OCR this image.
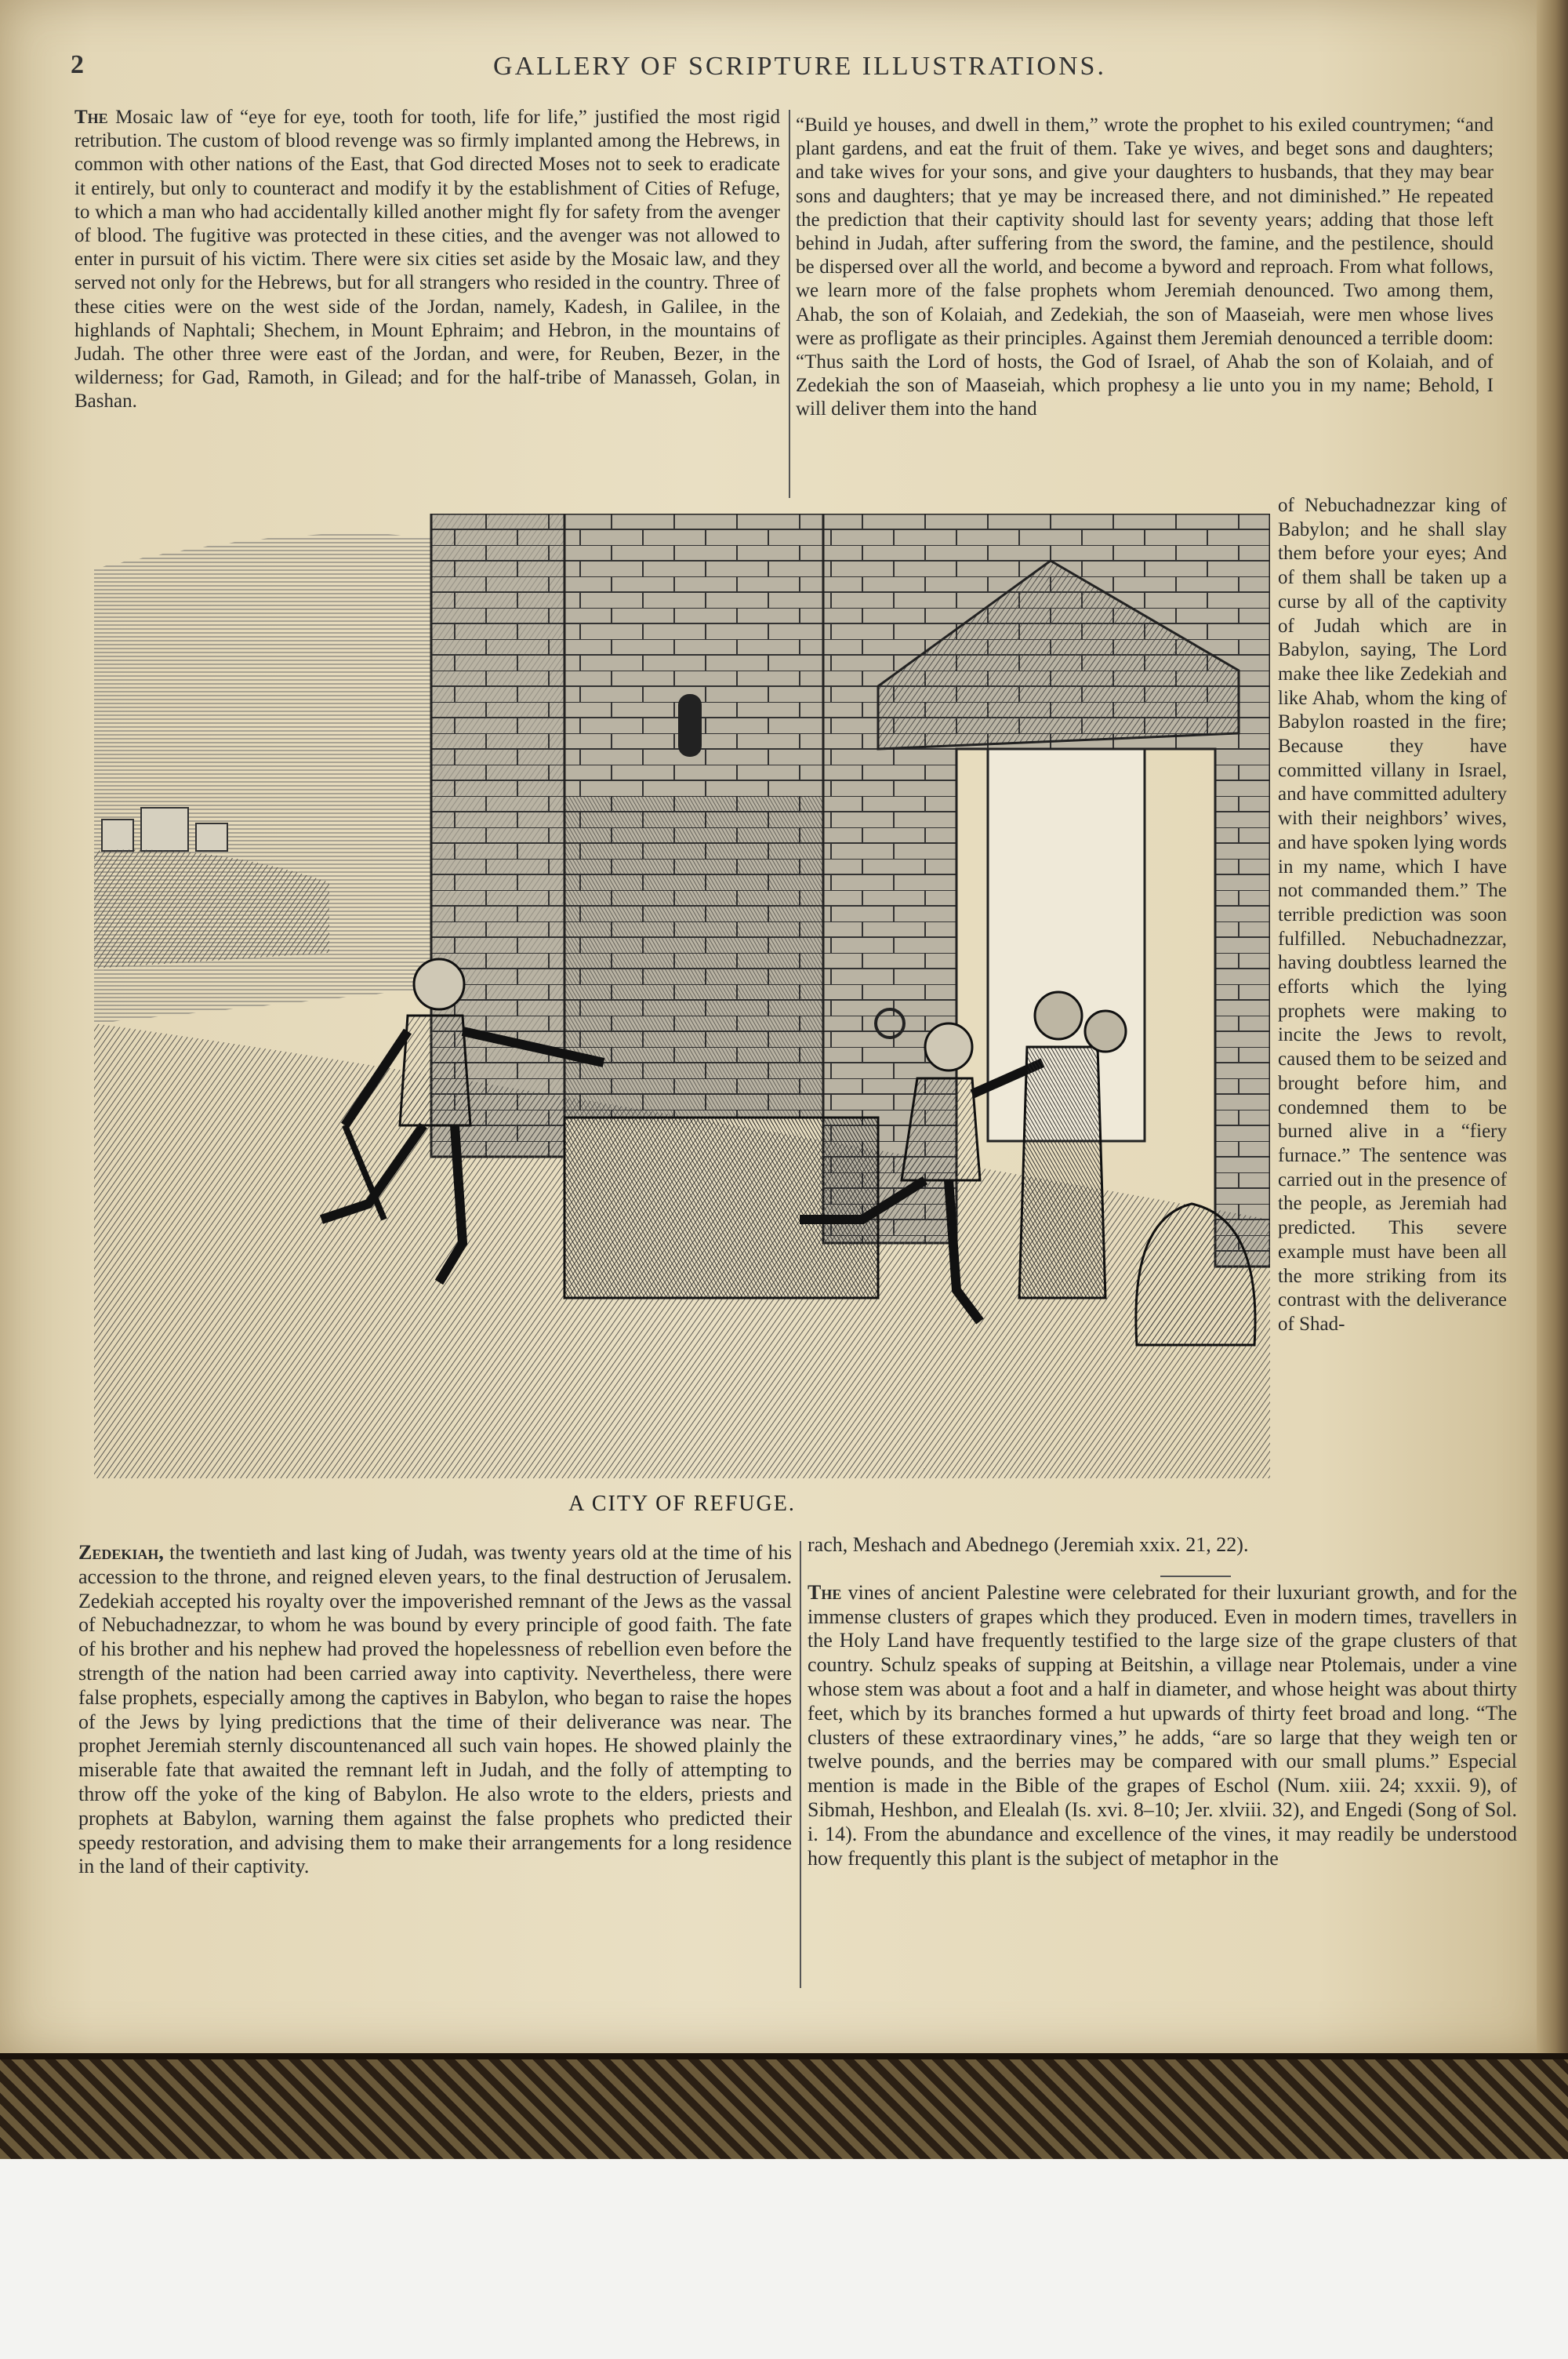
2	GALLERY OF SCRIPTURE ILLUSTRATIONS.

The Mosaic law of “eye for eye, tooth for tooth, life for life,” justified the most rigid retribution. The custom of blood revenge was so firmly implanted among the Hebrews, in common with other nations of the East, that God directed Moses not to seek to eradicate it entirely, but only to counteract and modify it by the establishment of Cities of Refuge, to which a man who had accidentally killed another might fly for safety from the avenger of blood. The fugitive was protected in these cities, and the avenger was not allowed to enter in pursuit of his victim. There were six cities set aside by the Mosaic law, and they served not only for the Hebrews, but for all strangers who resided in the country. Three of these cities were on the west side of the Jordan, namely, Kadesh, in Galilee, in the highlands of Naphtali; Shechem, in Mount Ephraim; and Hebron, in the mountains of Judah. The other three were east of the Jordan, and were, for Reuben, Bezer, in the wilderness; for Gad, Ramoth, in Gilead; and for the half-tribe of Manasseh, Golan, in Bashan.

“Build ye houses, and dwell in them,” wrote the prophet to his exiled countrymen; “and plant gardens, and eat the fruit of them. Take ye wives, and beget sons and daughters; and take wives for your sons, and give your daughters to husbands, that they may bear sons and daughters; that ye may be increased there, and not diminished.” He repeated the prediction that their captivity should last for seventy years; adding that those left behind in Judah, after suffering from the sword, the famine, and the pestilence, should be dispersed over all the world, and become a byword and reproach. From what follows, we learn more of the false prophets whom Jeremiah denounced. Two among them, Ahab, the son of Kolaiah, and Zedekiah, the son of Maaseiah, were men whose lives were as profligate as their principles. Against them Jeremiah denounced a terrible doom: “Thus saith the Lord of hosts, the God of Israel, of Ahab the son of Kolaiah, and of Zedekiah the son of Maaseiah, which prophesy a lie unto you in my name; Behold, I will deliver them into the hand

of Nebuchadnezzar king of Babylon; and he shall slay them before your eyes; And of them shall be taken up a curse by all of the captivity of Judah which are in Babylon, saying, The Lord make thee like Zedekiah and like Ahab, whom the king of Babylon roasted in the fire; Because they have committed villany in Israel, and have committed adultery with their neighbors’ wives, and have spoken lying words in my name, which I have not commanded them.” The terrible prediction was soon fulfilled. Nebuchadnezzar, having doubtless learned the efforts which the lying prophets were making to incite the Jews to revolt, caused them to be seized and brought before him, and condemned them to be burned alive in a “fiery furnace.” The sentence was carried out in the presence of the people, as Jeremiah had predicted. This severe example must have been all the more striking from its contrast with the deliverance of Shad-

A CITY OF REFUGE.

Zedekiah, the twentieth and last king of Judah, was twenty years old at the time of his accession to the throne, and reigned eleven years, to the final destruction of Jerusalem. Zedekiah accepted his royalty over the impoverished remnant of the Jews as the vassal of Nebuchadnezzar, to whom he was bound by every principle of good faith. The fate of his brother and his nephew had proved the hopelessness of rebellion even before the strength of the nation had been carried away into captivity. Nevertheless, there were false prophets, especially among the captives in Babylon, who began to raise the hopes of the Jews by lying predictions that the time of their deliverance was near. The prophet Jeremiah sternly discountenanced all such vain hopes. He showed plainly the miserable fate that awaited the remnant left in Judah, and the folly of attempting to throw off the yoke of the king of Babylon. He also wrote to the elders, priests and prophets at Babylon, warning them against the false prophets who predicted their speedy restoration, and advising them to make their arrangements for a long residence in the land of their captivity.

rach, Meshach and Abednego (Jeremiah xxix. 21, 22).

The vines of ancient Palestine were celebrated for their luxuriant growth, and for the immense clusters of grapes which they produced. Even in modern times, travellers in the Holy Land have frequently testified to the large size of the grape clusters of that country. Schulz speaks of supping at Beitshin, a village near Ptolemais, under a vine whose stem was about a foot and a half in diameter, and whose height was about thirty feet, which by its branches formed a hut upwards of thirty feet broad and long. “The clusters of these extraordinary vines,” he adds, “are so large that they weigh ten or twelve pounds, and the berries may be compared with our small plums.” Especial mention is made in the Bible of the grapes of Eschol (Num. xiii. 24; xxxii. 9), of Sibmah, Heshbon, and Elealah (Is. xvi. 8–10; Jer. xlviii. 32), and Engedi (Song of Sol. i. 14). From the abundance and excellence of the vines, it may readily be understood how frequently this plant is the subject of metaphor in the
